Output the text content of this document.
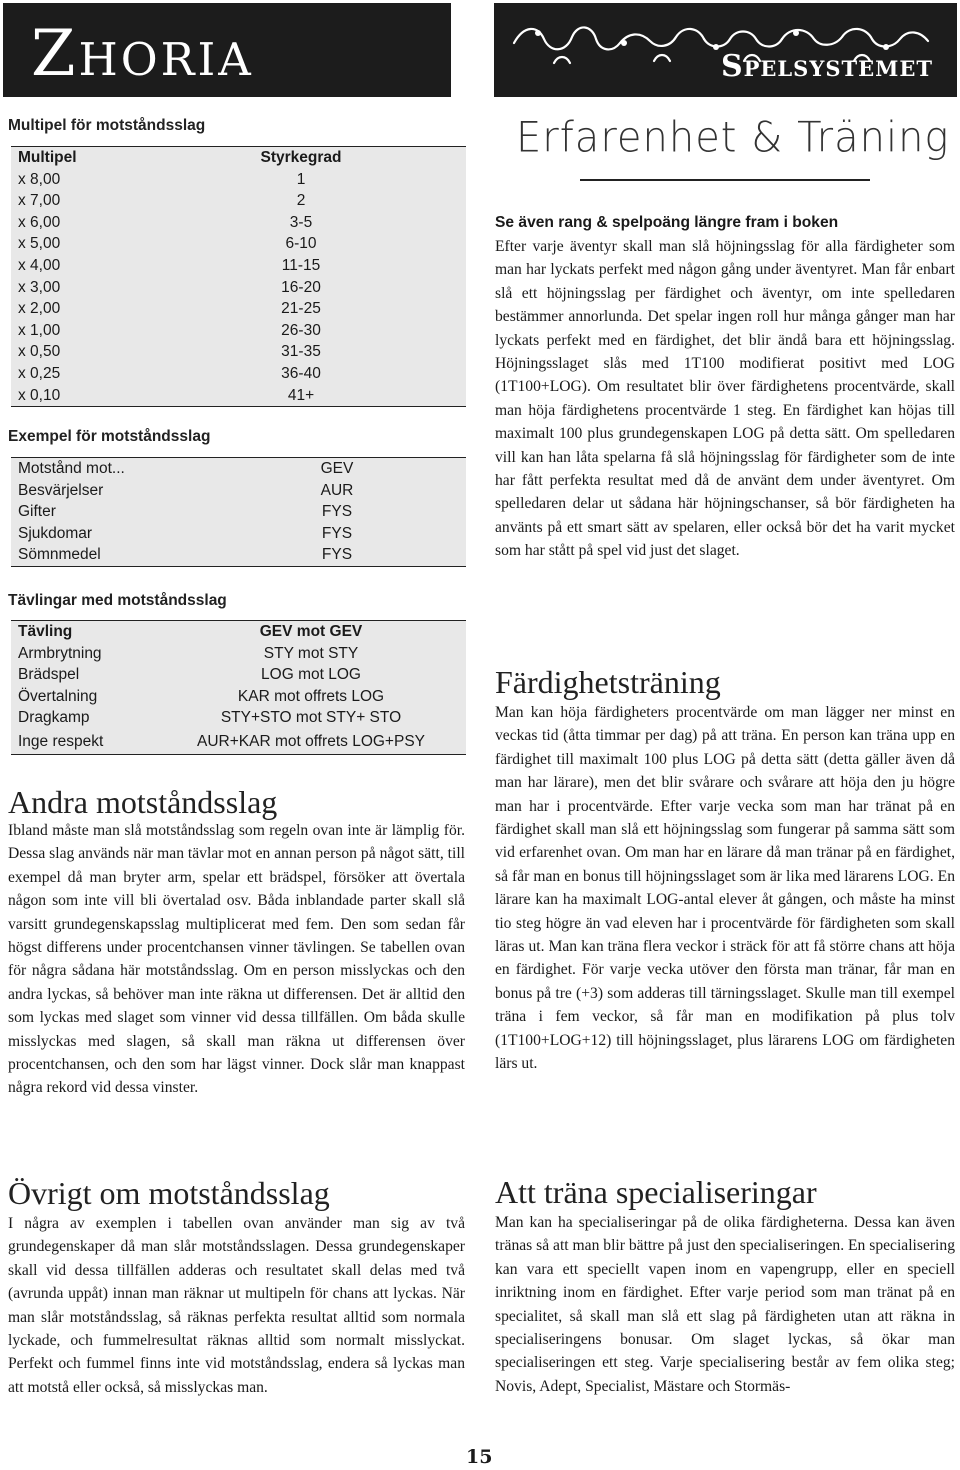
Zhoria	Spelsystemet
Multipel för motståndsslag
Multipel	Styrkegrad
x 8,00	1
x 7,00	2
x 6,00	3-5
x 5,00	6-10
x 4,00	11-15
x 3,00	16-20
x 2,00	21-25
x 1,00	26-30
x 0,50	31-35
x 0,25	36-40
x 0,10	41+
Exempel för motståndsslag
Motstånd mot...	GEV
Besvärjelser	AUR
Gifter	FYS
Sjukdomar	FYS
Sömnmedel	FYS
Tävlingar med motståndsslag
Tävling	GEV mot GEV
Armbrytning	STY mot STY
Brädspel	LOG mot LOG
Övertalning	KAR mot offrets LOG
Dragkamp	STY+STO mot STY+ STO
Inge respekt	AUR+KAR mot offrets LOG+PSY
Andra motståndsslag

Ibland måste man slå motståndsslag som regeln ovan inte är lämplig för. Dessa slag används när man tävlar mot en annan person på något sätt, till exempel då man bryter arm, spelar ett brädspel, försöker att övertala någon som inte vill bli övertalad osv. Båda inblandade parter skall slå varsitt grundegenskapsslag multiplicerat med fem. Den som sedan får högst differens under procentchansen vinner tävlingen. Se tabellen ovan för några sådana här motståndsslag. Om en person misslyckas och den andra lyckas, så behöver man inte räkna ut differensen. Det är alltid den som lyckas med slaget som vinner vid dessa tillfällen. Om båda skulle misslyckas med slagen, så skall man räkna ut differensen över procentchansen, och den som har lägst vinner. Dock slår man knappast några rekord vid dessa vinster.

Övrigt om motståndsslag

I några av exemplen i tabellen ovan använder man sig av två grundegenskaper då man slår motståndsslagen. Dessa grundegenskaper skall vid dessa tillfällen adderas och resultatet skall delas med två (avrunda uppåt) innan man räknar ut multipeln för chans att lyckas. När man slår motståndsslag, så räknas perfekta resultat alltid som normala lyckade, och fummelresultat räknas alltid som normalt misslyckat. Perfekt och fummel finns inte vid motståndsslag, endera så lyckas man att motstå eller också, så misslyckas man.

Erfarenhet & Träning
Se även rang & spelpoäng längre fram i boken

Efter varje äventyr skall man slå höjningsslag för alla färdigheter som man har lyckats perfekt med någon gång under äventyret. Man får enbart slå ett höjningsslag per färdighet och äventyr, om inte spelledaren bestämmer annorlunda. Det spelar ingen roll hur många gånger man har lyckats perfekt med en färdighet, det blir ändå bara ett höjningsslag. Höjningsslaget slås med 1T100 modifierat positivt med LOG (1T100+LOG). Om resultatet blir över färdighetens procentvärde, skall man höja färdighetens procentvärde 1 steg. En färdighet kan höjas till maximalt 100 plus grundegenskapen LOG på detta sätt. Om spelledaren vill kan han låta spelarna få slå höjningsslag för färdigheter som de inte har fått perfekta resultat med då de använt dem under äventyret. Om spelledaren delar ut sådana här höjningschanser, så bör färdigheten ha använts på ett smart sätt av spelaren, eller också bör det ha varit mycket som har stått på spel vid just det slaget.

Färdighetsträning

Man kan höja färdigheters procentvärde om man lägger ner minst en veckas tid (åtta timmar per dag) på att träna. En person kan träna upp en färdighet till maximalt 100 plus LOG på detta sätt (detta gäller även då man har lärare), men det blir svårare och svårare att höja den ju högre man har i procentvärde. Efter varje vecka som man har tränat på en färdighet skall man slå ett höjningsslag som fungerar på samma sätt som vid erfarenhet ovan. Om man har en lärare då man tränar på en färdighet, så får man en bonus till höjningsslaget som är lika med lärarens LOG. En lärare kan ha maximalt LOG-antal elever åt gången, och måste ha minst tio steg högre än vad eleven har i procentvärde för färdigheten som skall läras ut. Man kan träna flera veckor i sträck för att få större chans att höja en färdighet. För varje vecka utöver den första man tränar, får man en bonus på tre (+3) som adderas till tärningsslaget. Skulle man till exempel träna i fem veckor, så får man en modifikation på plus tolv (1T100+LOG+12) till höjningsslaget, plus lärarens LOG om färdigheten lärs ut.

Att träna specialiseringar

Man kan ha specialiseringar på de olika färdigheterna. Dessa kan även tränas så att man blir bättre på just den specialiseringen. En specialisering kan vara ett speciellt vapen inom en vapengrupp, eller en speciell inriktning inom en färdighet. Efter varje period som man tränat på en specialitet, så skall man slå ett slag på färdigheten utan att räkna in specialiseringens bonusar. Om slaget lyckas, så ökar man specialiseringen ett steg. Varje specialisering består av fem olika steg; Novis, Adept, Specialist, Mästare och Stormäs-

15
